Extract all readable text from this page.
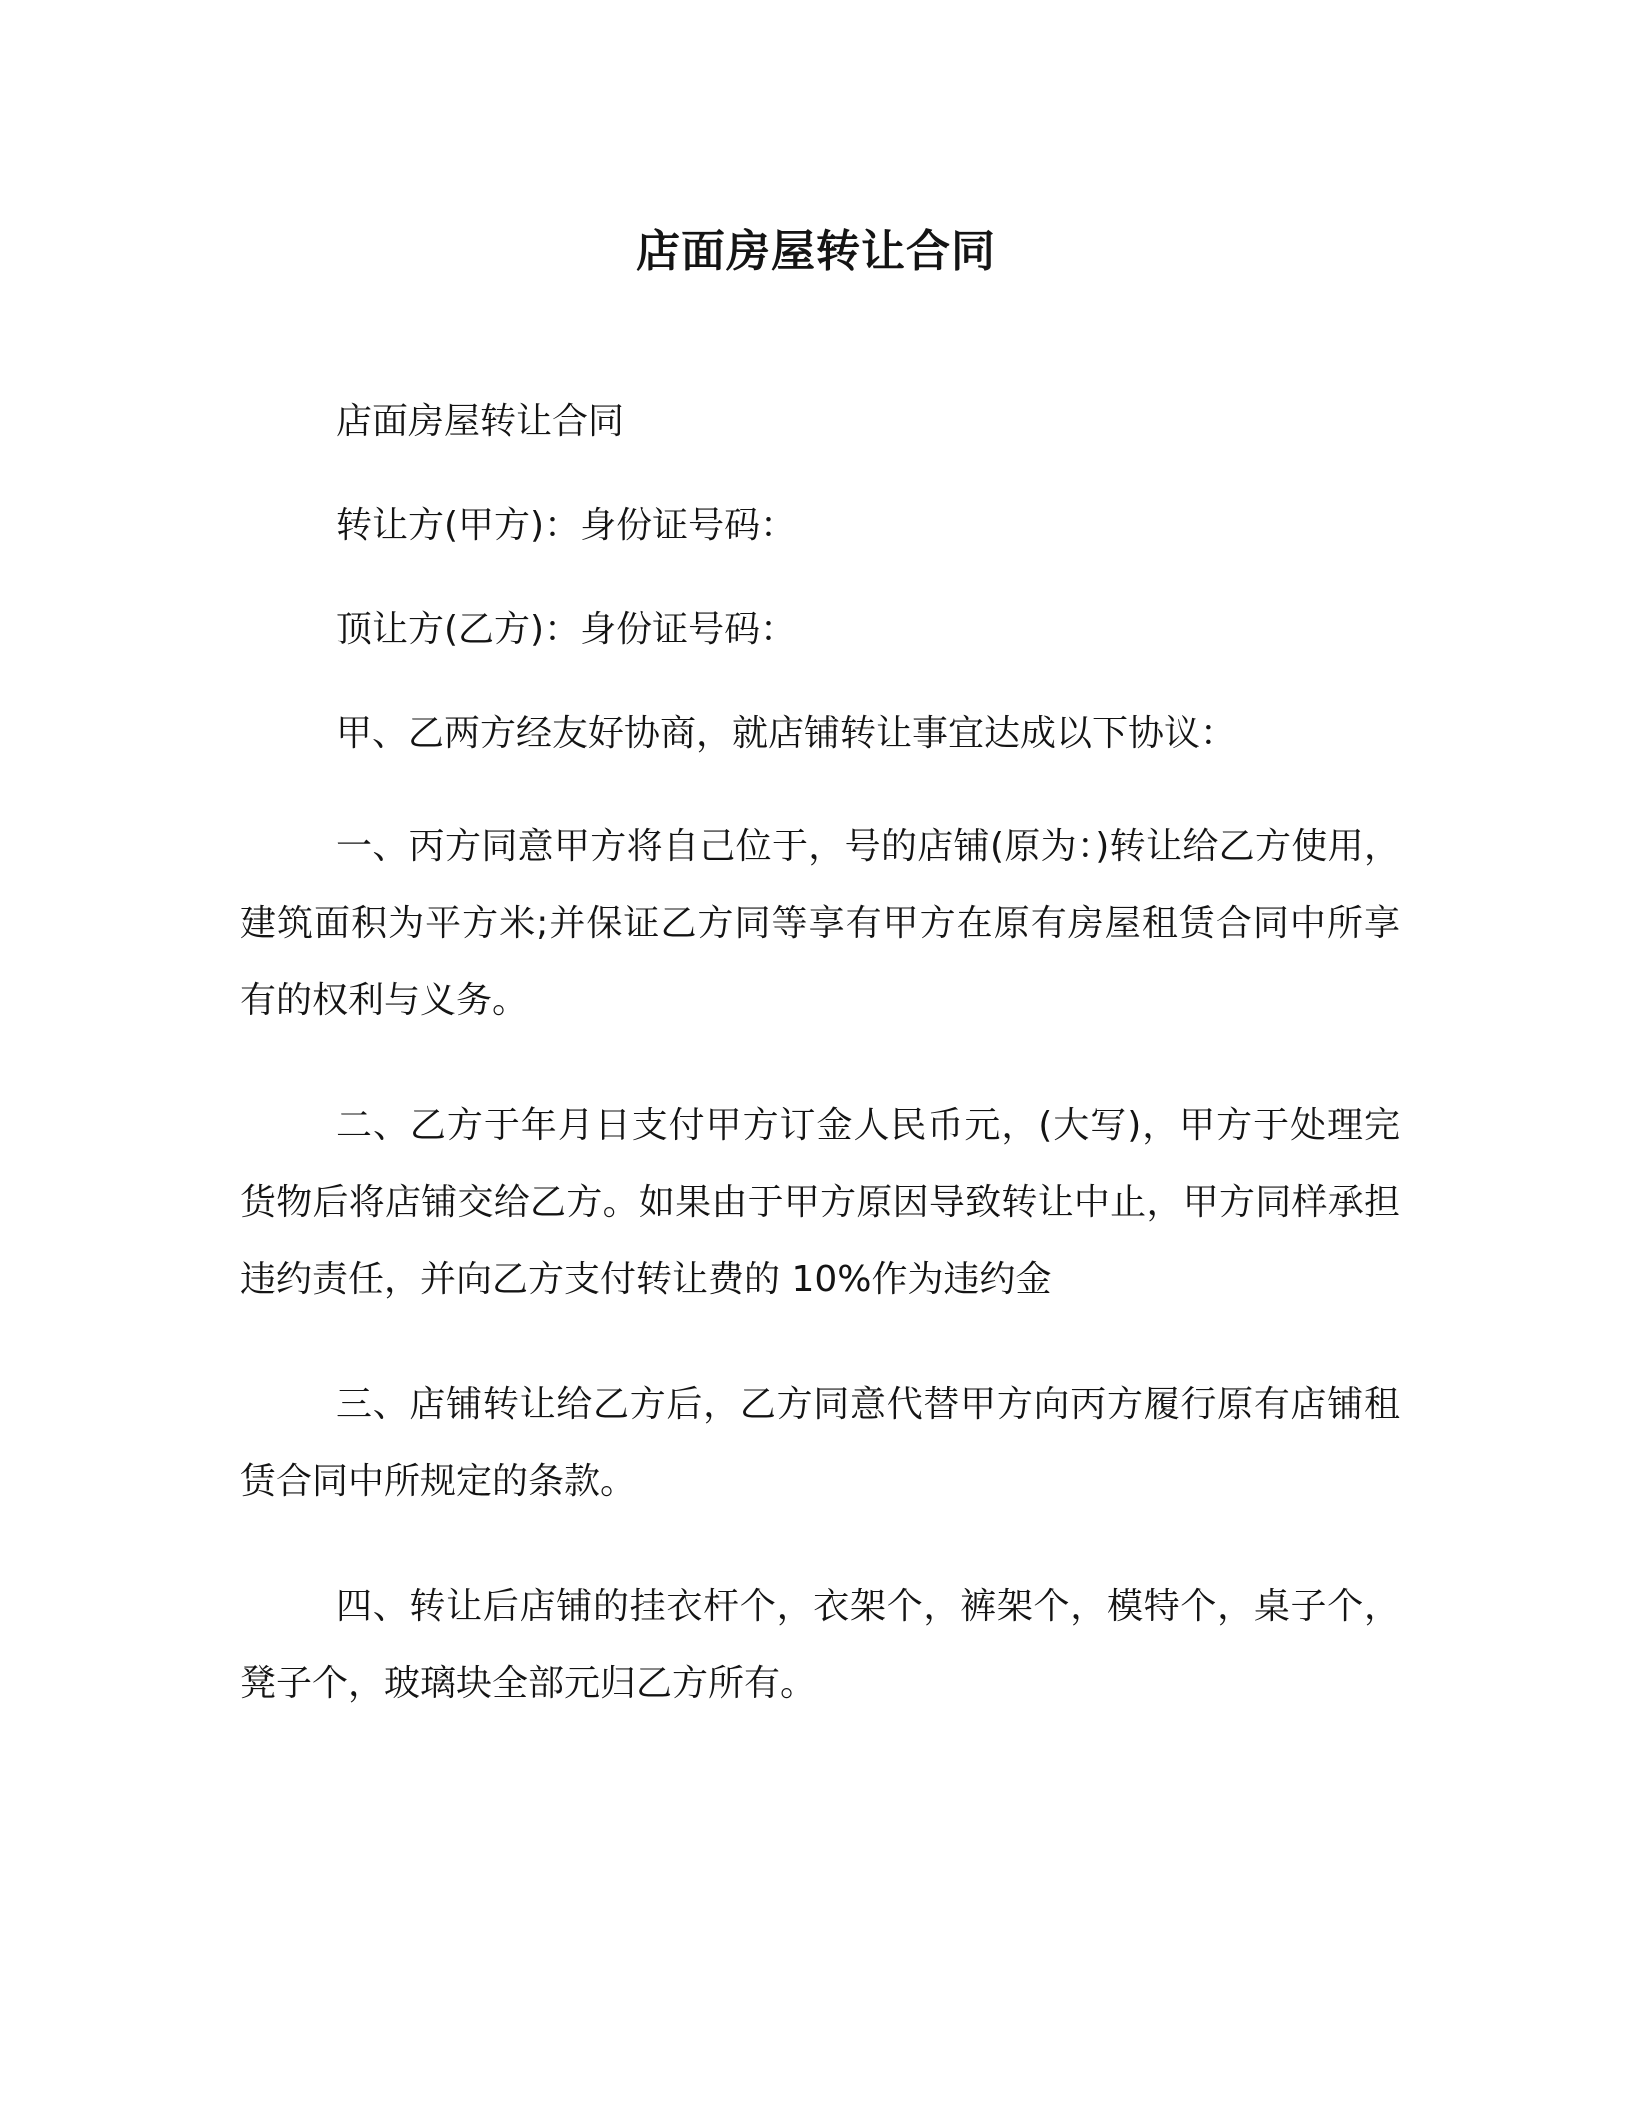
店面房屋转让合同

店面房屋转让合同

转让方(甲方)：身份证号码：

顶让方(乙方)：身份证号码：

甲、乙两方经友好协商，就店铺转让事宜达成以下协议：

一、丙方同意甲方将自己位于，号的店铺(原为：)转让给乙方使用，建筑面积为平方米;并保证乙方同等享有甲方在原有房屋租赁合同中所享有的权利与义务。

二、乙方于年月日支付甲方订金人民币元，(大写)，甲方于处理完货物后将店铺交给乙方。如果由于甲方原因导致转让中止，甲方同样承担违约责任，并向乙方支付转让费的 10%作为违约金

三、店铺转让给乙方后，乙方同意代替甲方向丙方履行原有店铺租赁合同中所规定的条款。

四、转让后店铺的挂衣杆个，衣架个，裤架个，模特个，桌子个，凳子个，玻璃块全部元归乙方所有。
